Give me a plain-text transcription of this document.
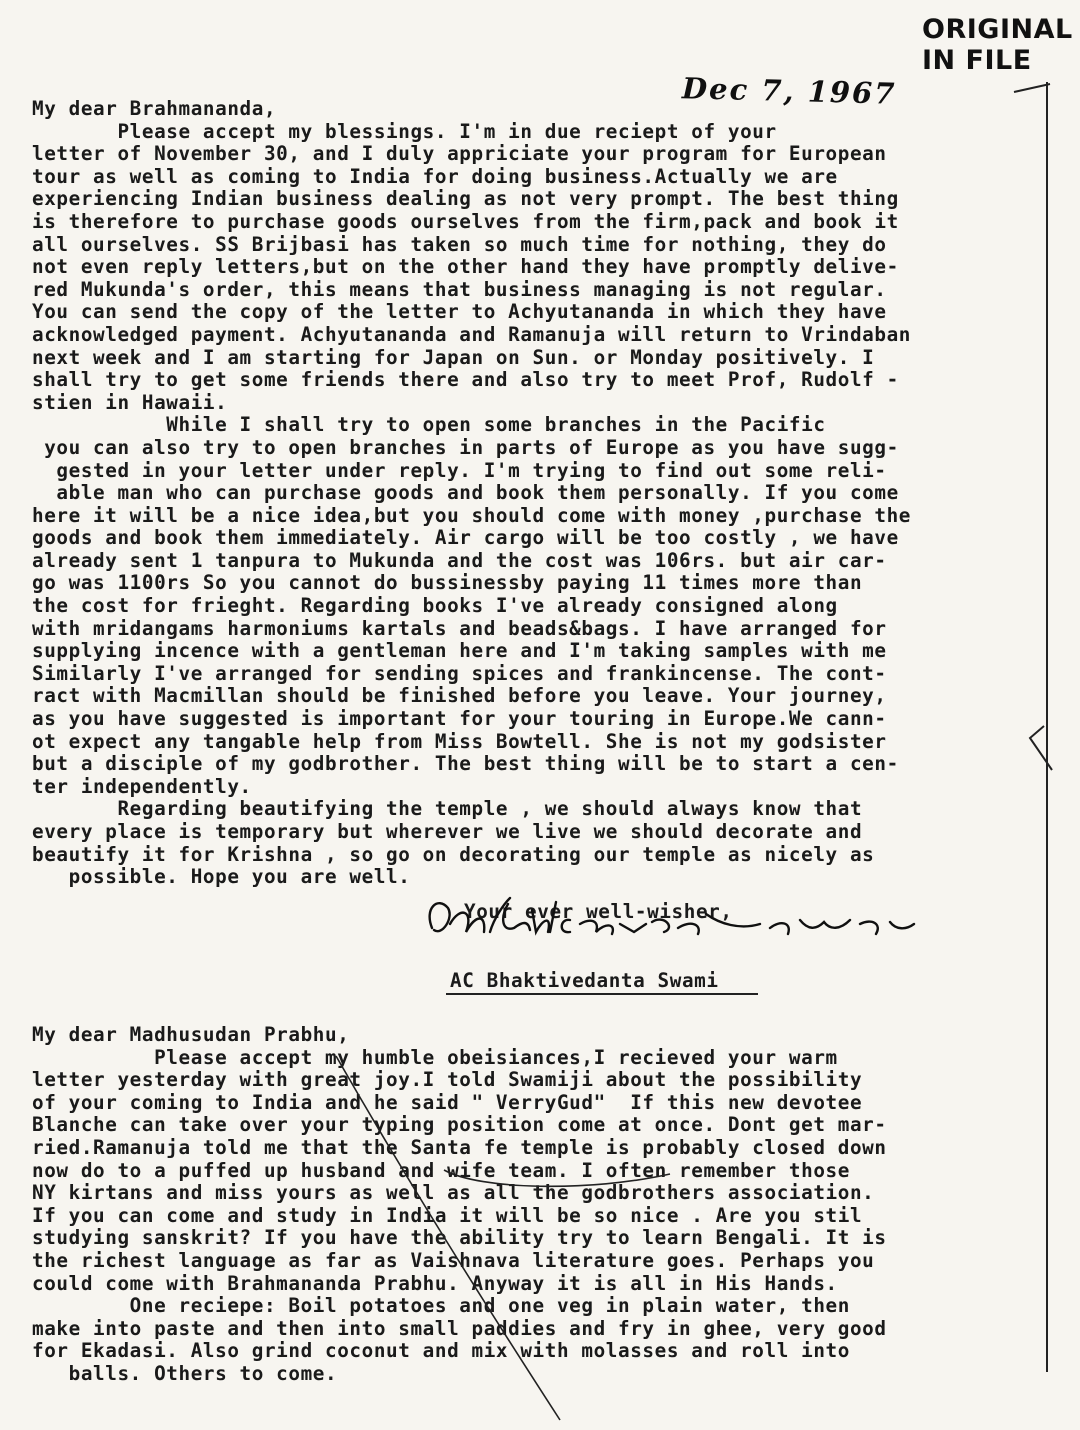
ORIGINAL
IN FILE
Dec 7, 1967
My dear Brahmananda,
Please accept my blessings. I'm in due reciept of your
letter of November 30, and I duly appriciate your program for European
tour as well as coming to India for doing business.Actually we are
experiencing Indian business dealing as not very prompt. The best thing
is therefore to purchase goods ourselves from the firm,pack and book it
all ourselves. SS Brijbasi has taken so much time for nothing, they do
not even reply letters,but on the other hand they have promptly delive-
red Mukunda's order, this means that business managing is not regular.
You can send the copy of the letter to Achyutananda in which they have
acknowledged payment. Achyutananda and Ramanuja will return to Vrindaban
next week and I am starting for Japan on Sun. or Monday positively. I
shall try to get some friends there and also try to meet Prof, Rudolf -
stien in Hawaii.
While I shall try to open some branches in the Pacific
you can also try to open branches in parts of Europe as you have sugg-
gested in your letter under reply. I'm trying to find out some reli-
able man who can purchase goods and book them personally. If you come
here it will be a nice idea,but you should come with money ,purchase the
goods and book them immediately. Air cargo will be too costly , we have
already sent 1 tanpura to Mukunda and the cost was 106rs. but air car-
go was 1100rs So you cannot do bussinessby paying 11 times more than
the cost for frieght. Regarding books I've already consigned along
with mridangams harmoniums kartals and beads&bags. I have arranged for
supplying incence with a gentleman here and I'm taking samples with me
Similarly I've arranged for sending spices and frankincense. The cont-
ract with Macmillan should be finished before you leave. Your journey,
as you have suggested is important for your touring in Europe.We cann-
ot expect any tangable help from Miss Bowtell. She is not my godsister
but a disciple of my godbrother. The best thing will be to start a cen-
ter independently.
Regarding beautifying the temple , we should always know that
every place is temporary but wherever we live we should decorate and
beautify it for Krishna , so go on decorating our temple as nicely as
possible. Hope you are well.
Your ever well-wisher,
AC Bhaktivedanta Swami
My dear Madhusudan Prabhu,
Please accept my humble obeisiances,I recieved your warm
letter yesterday with great joy.I told Swamiji about the possibility
of your coming to India and he said " VerryGud"  If this new devotee
Blanche can take over your typing position come at once. Dont get mar-
ried.Ramanuja told me that the Santa fe temple is probably closed down
now do to a puffed up husband and wife team. I often remember those
NY kirtans and miss yours as well as all the godbrothers association.
If you can come and study in India it will be so nice . Are you stil
studying sanskrit? If you have the ability try to learn Bengali. It is
the richest language as far as Vaishnava literature goes. Perhaps you
could come with Brahmananda Prabhu. Anyway it is all in His Hands.
One reciepe: Boil potatoes and one veg in plain water, then
make into paste and then into small paddies and fry in ghee, very good
for Ekadasi. Also grind coconut and mix with molasses and roll into
balls. Others to come.
